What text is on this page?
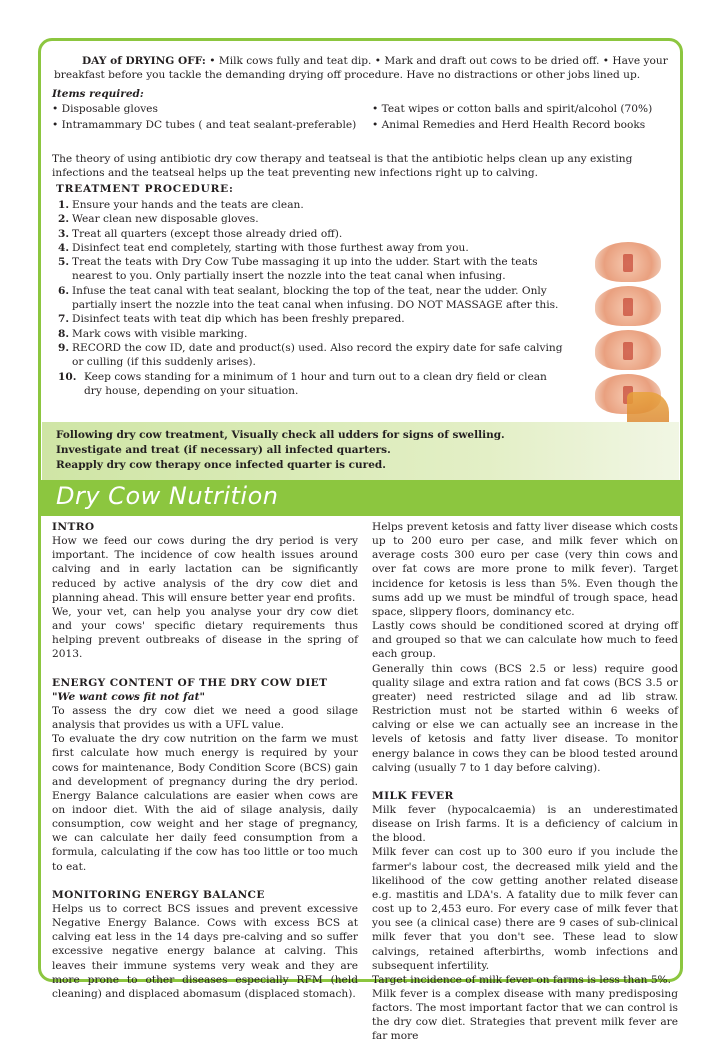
DAY of DRYING OFF: • Milk cows fully and teat dip. • Mark and draft out cows to be dried off. • Have your breakfast before you tackle the demanding drying off procedure. Have no distractions or other jobs lined up.

Items required:
• Disposable gloves	• Teat wipes or cotton balls and spirit/alcohol (70%)
• Intramammary DC tubes ( and teat sealant-preferable)	• Animal Remedies and Herd Health Record books

The theory of using antibiotic dry cow therapy and teatseal is that the antibiotic helps clean up any existing infections and the teatseal helps up the teat preventing new infections right up to calving.

TREATMENT PROCEDURE:
1. Ensure your hands and the teats are clean.
2. Wear clean new disposable gloves.
3. Treat all quarters (except those already dried off).
4. Disinfect teat end completely, starting with those furthest away from you.
5. Treat the teats with Dry Cow Tube massaging it up into the udder. Start with the teats nearest to you. Only partially insert the nozzle into the teat canal when infusing.
6. Infuse the teat canal with teat sealant, blocking the top of the teat, near the udder. Only partially insert the nozzle into the teat canal when infusing. DO NOT MASSAGE after this.
7. Disinfect teats with teat dip which has been freshly prepared.
8. Mark cows with visible marking.
9. RECORD the cow ID, date and product(s) used. Also record the expiry date for safe calving or culling (if this suddenly arises).
10. Keep cows standing for a minimum of 1 hour and turn out to a clean dry field or clean dry house, depending on your situation.
Following dry cow treatment, Visually check all udders for signs of swelling.
Investigate and treat (if necessary) all infected quarters.
Reapply dry cow therapy once infected quarter is cured.
Dry Cow Nutrition
INTRO

How we feed our cows during the dry period is very important. The incidence of cow health issues around calving and in early lactation can be significantly reduced by active analysis of the dry cow diet and planning ahead. This will ensure better year end profits.

We, your vet, can help you analyse your dry cow diet and your cows' specific dietary requirements thus helping prevent outbreaks of disease in the spring of 2013.

ENERGY CONTENT OF THE DRY COW DIET

"We want cows fit not fat"

To assess the dry cow diet we need a good silage analysis that provides us with a UFL value.

To evaluate the dry cow nutrition on the farm we must first calculate how much energy is required by your cows for maintenance, Body Condition Score (BCS) gain and development of pregnancy during the dry period. Energy Balance calculations are easier when cows are on indoor diet. With the aid of silage analysis, daily consumption, cow weight and her stage of pregnancy, we can calculate her daily feed consumption from a formula, calculating if the cow has too little or too much to eat.

MONITORING ENERGY BALANCE

Helps us to correct BCS issues and prevent excessive Negative Energy Balance. Cows with excess BCS at calving eat less in the 14 days pre-calving and so suffer excessive negative energy balance at calving. This leaves their immune systems very weak and they are more prone to other diseases especially RFM (held cleaning) and displaced abomasum (displaced stomach).

Helps prevent ketosis and fatty liver disease which costs up to 200 euro per case, and milk fever which on average costs 300 euro per case (very thin cows and over fat cows are more prone to milk fever). Target incidence for ketosis is less than 5%. Even though the sums add up we must be mindful of trough space, head space, slippery floors, dominancy etc.

Lastly cows should be conditioned scored at drying off and grouped so that we can calculate how much to feed each group.

Generally thin cows (BCS 2.5 or less) require good quality silage and extra ration and fat cows (BCS 3.5 or greater) need restricted silage and ad lib straw. Restriction must not be started within 6 weeks of calving or else we can actually see an increase in the levels of ketosis and fatty liver disease. To monitor energy balance in cows they can be blood tested around calving (usually 7 to 1 day before calving).

MILK FEVER

Milk fever (hypocalcaemia) is an underestimated disease on Irish farms. It is a deficiency of calcium in the blood.

Milk fever can cost up to 300 euro if you include the farmer's labour cost, the decreased milk yield and the likelihood of the cow getting another related disease e.g. mastitis and LDA's. A fatality due to milk fever can cost up to 2,453 euro. For every case of milk fever that you see (a clinical case) there are 9 cases of sub-clinical milk fever that you don't see. These lead to slow calvings, retained afterbirths, womb infections and subsequent infertility.

Target incidence of milk fever on farms is less than 5%.

Milk fever is a complex disease with many predisposing factors. The most important factor that we can control is the dry cow diet. Strategies that prevent milk fever are far more
